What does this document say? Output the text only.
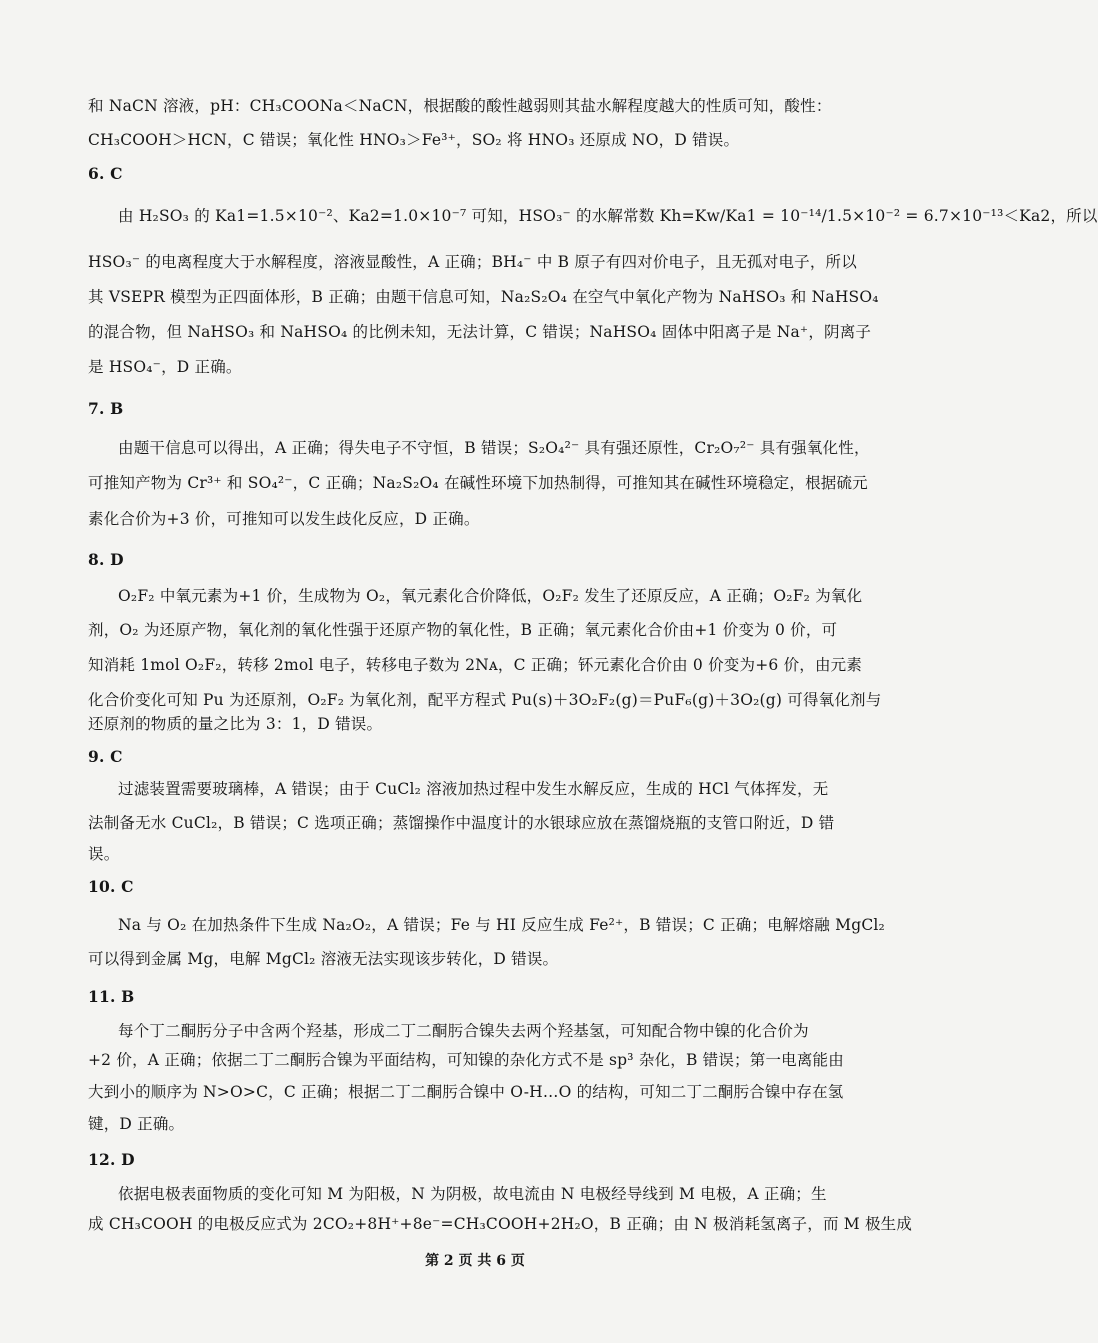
和 NaCN 溶液，pH：CH₃COONa＜NaCN，根据酸的酸性越弱则其盐水解程度越大的性质可知，酸性：
CH₃COOH＞HCN，C 错误；氧化性 HNO₃＞Fe³⁺，SO₂ 将 HNO₃ 还原成 NO，D 错误。
6. C
由 H₂SO₃ 的 Ka1=1.5×10⁻²、Ka2=1.0×10⁻⁷ 可知，HSO₃⁻ 的水解常数 Kh=Kw/Ka1 = 10⁻¹⁴/1.5×10⁻² = 6.7×10⁻¹³＜Ka2，所以
HSO₃⁻ 的电离程度大于水解程度，溶液显酸性，A 正确；BH₄⁻ 中 B 原子有四对价电子，且无孤对电子，所以
其 VSEPR 模型为正四面体形，B 正确；由题干信息可知，Na₂S₂O₄ 在空气中氧化产物为 NaHSO₃ 和 NaHSO₄
的混合物，但 NaHSO₃ 和 NaHSO₄ 的比例未知，无法计算，C 错误；NaHSO₄ 固体中阳离子是 Na⁺，阴离子
是 HSO₄⁻，D 正确。
7. B
由题干信息可以得出，A 正确；得失电子不守恒，B 错误；S₂O₄²⁻ 具有强还原性，Cr₂O₇²⁻ 具有强氧化性，
可推知产物为 Cr³⁺ 和 SO₄²⁻，C 正确；Na₂S₂O₄ 在碱性环境下加热制得，可推知其在碱性环境稳定，根据硫元
素化合价为+3 价，可推知可以发生歧化反应，D 正确。
8. D
O₂F₂ 中氧元素为+1 价，生成物为 O₂，氧元素化合价降低，O₂F₂ 发生了还原反应，A 正确；O₂F₂ 为氧化
剂，O₂ 为还原产物，氧化剂的氧化性强于还原产物的氧化性，B 正确；氧元素化合价由+1 价变为 0 价，可
知消耗 1mol O₂F₂，转移 2mol 电子，转移电子数为 2Nᴀ，C 正确；钚元素化合价由 0 价变为+6 价，由元素
化合价变化可知 Pu 为还原剂，O₂F₂ 为氧化剂，配平方程式 Pu(s)＋3O₂F₂(g)＝PuF₆(g)＋3O₂(g) 可得氧化剂与
还原剂的物质的量之比为 3：1，D 错误。
9. C
过滤装置需要玻璃棒，A 错误；由于 CuCl₂ 溶液加热过程中发生水解反应，生成的 HCl 气体挥发，无
法制备无水 CuCl₂，B 错误；C 选项正确；蒸馏操作中温度计的水银球应放在蒸馏烧瓶的支管口附近，D 错
误。
10. C
Na 与 O₂ 在加热条件下生成 Na₂O₂，A 错误；Fe 与 HI 反应生成 Fe²⁺，B 错误；C 正确；电解熔融 MgCl₂
可以得到金属 Mg，电解 MgCl₂ 溶液无法实现该步转化，D 错误。
11. B
每个丁二酮肟分子中含两个羟基，形成二丁二酮肟合镍失去两个羟基氢，可知配合物中镍的化合价为
+2 价，A 正确；依据二丁二酮肟合镍为平面结构，可知镍的杂化方式不是 sp³ 杂化，B 错误；第一电离能由
大到小的顺序为 N>O>C，C 正确；根据二丁二酮肟合镍中 O-H…O 的结构，可知二丁二酮肟合镍中存在氢
键，D 正确。
12. D
依据电极表面物质的变化可知 M 为阳极，N 为阴极，故电流由 N 电极经导线到 M 电极，A 正确；生
成 CH₃COOH 的电极反应式为 2CO₂+8H⁺+8e⁻=CH₃COOH+2H₂O，B 正确；由 N 极消耗氢离子，而 M 极生成
第 2 页 共 6 页
